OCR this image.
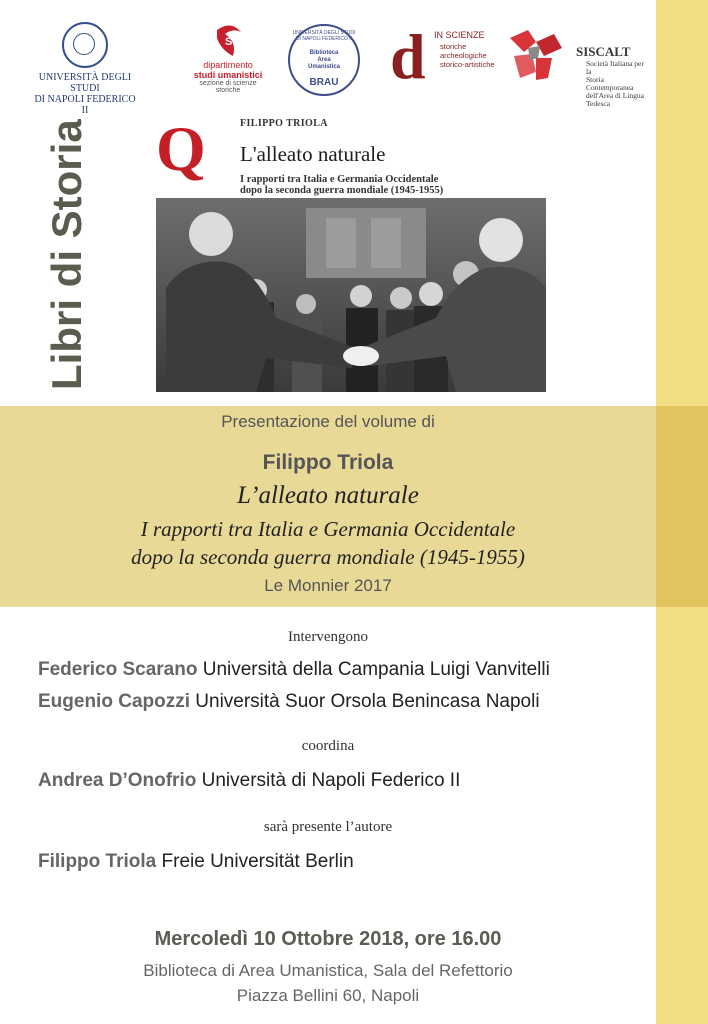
UNIVERSITÀ DEGLI STUDI
DI NAPOLI FEDERICO II
SU
dipartimento
studi umanistici
sezione di scienze storiche
UNIVERSITÀ DEGLI STUDI DI NAPOLI FEDERICO II
Biblioteca
Area
Umanistica
BRAU d DOTTORATO
IN SCIENZE
storiche
archeologiche
storico-artistiche
SISCALT
Società Italiana per la
Storia Contemporanea
dell'Area di Lingua Tedesca
Libri di Storia Q	FILIPPO TRIOLA
L'alleato naturale
I rapporti tra Italia e Germania Occidentale
dopo la seconda guerra mondiale (1945-1955)
Presentazione del volume di
Filippo Triola
L’alleato naturale
I rapporti tra Italia e Germania Occidentale
dopo la seconda guerra mondiale (1945-1955)
Le Monnier 2017
Intervengono
Federico Scarano Università della Campania Luigi Vanvitelli
Eugenio Capozzi Università Suor Orsola Benincasa Napoli
coordina
Andrea D’Onofrio Università di Napoli Federico II
sarà presente l’autore
Filippo Triola Freie Universität Berlin
Mercoledì 10 Ottobre 2018, ore 16.00
Biblioteca di Area Umanistica, Sala del Refettorio
Piazza Bellini 60, Napoli
